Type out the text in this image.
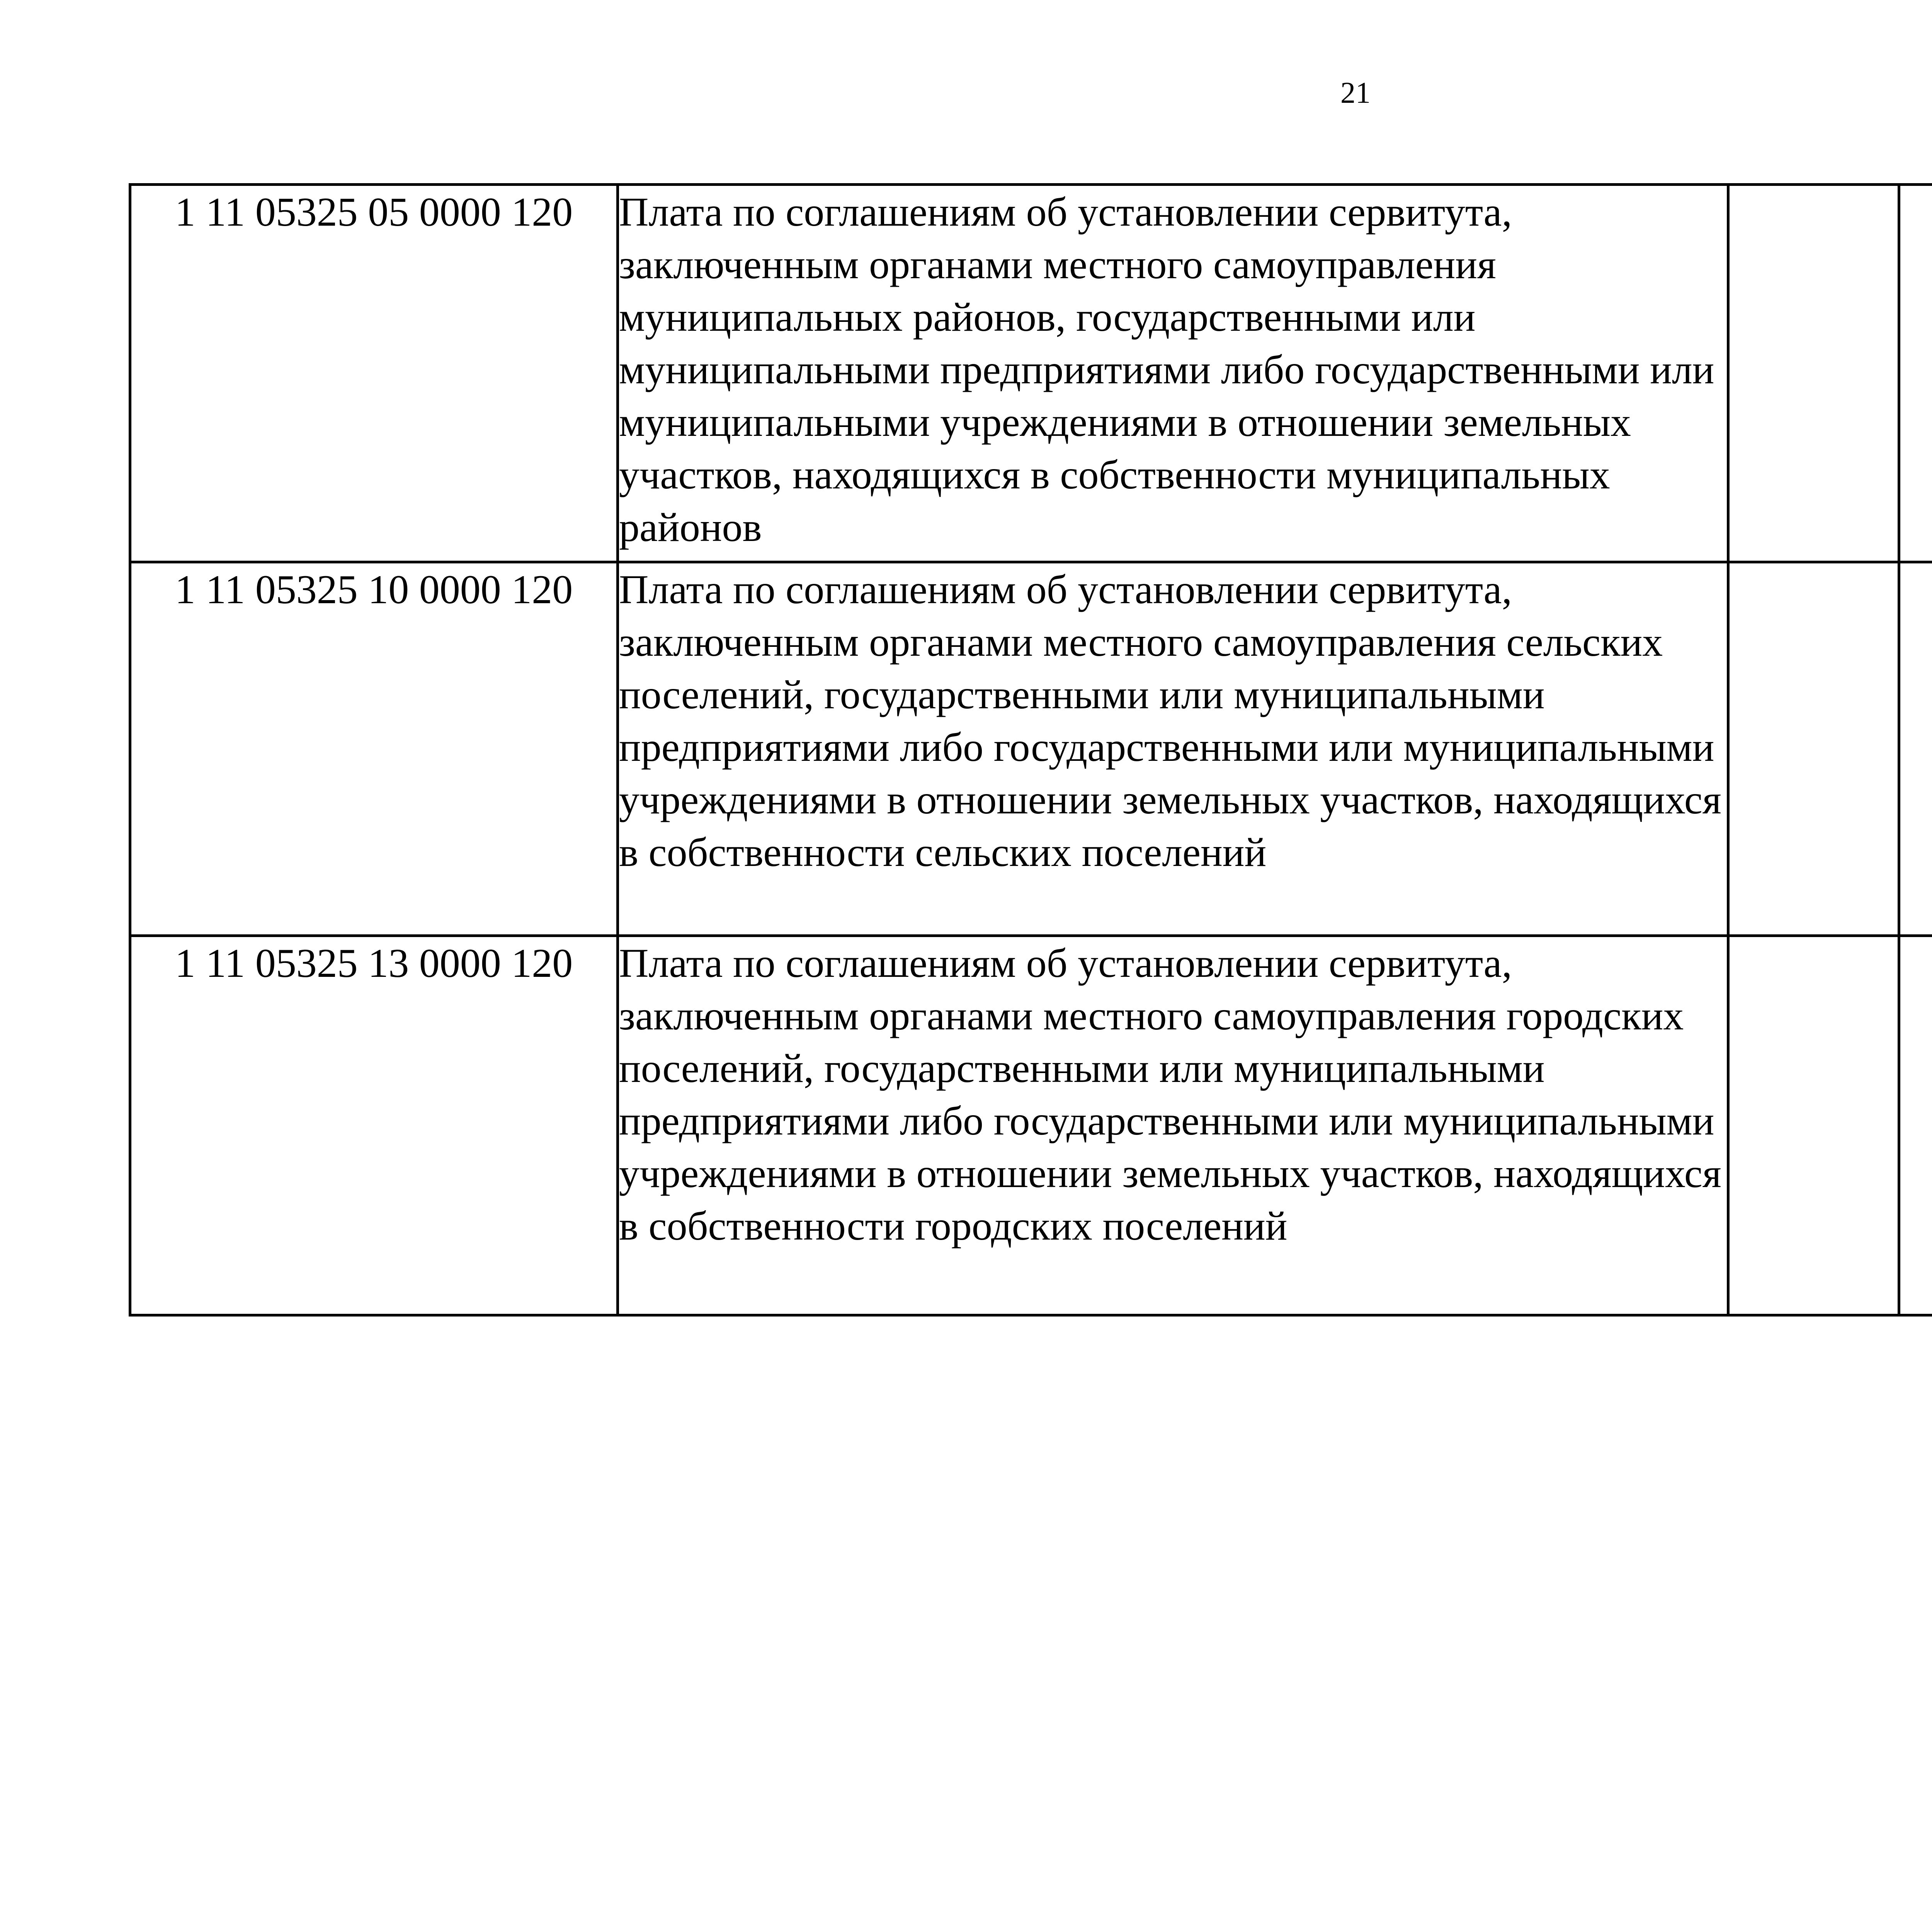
21
1 11 05325 05 0000 120	Плата по соглашениям об установлении сервитута, заключенным органами местного самоуправления муниципальных районов, государственными или муниципальными предприятиями либо государственными или муниципальными учреждениями в отношении земельных участков, находящихся в собственности муниципальных районов					
1 11 05325 10 0000 120	Плата по соглашениям об установлении сервитута, заключенным органами местного самоуправления сельских поселений, государственными или муниципальными предприятиями либо государственными или муниципальными учреждениями в отношении земельных участков, находящихся в собственности сельских поселений					
1 11 05325 13 0000 120	Плата по соглашениям об установлении сервитута, заключенным органами местного самоуправления городских поселений, государственными или муниципальными предприятиями либо государственными или муниципальными учреждениями в отношении земельных участков, находящихся в собственности городских поселений					
